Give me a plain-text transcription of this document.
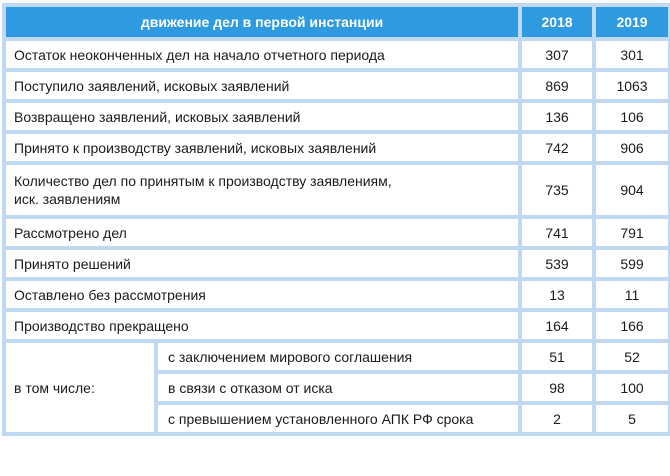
движение дел в первой инстанции		2018	2019
Остаток неоконченных дел на начало отчетного периода		307	301
Поступило заявлений, исковых заявлений		869	1063
Возвращено заявлений, исковых заявлений		136	106
Принято к производству заявлений, исковых заявлений		742	906
Количество дел по принятым к производству заявлениям,
иск. заявлениям		735	904
Рассмотрено дел		741	791
Принято решений		539	599
Оставлено без рассмотрения		13	11
Производство прекращено		164	166
в том числе:	с заключением мирового соглашения	51	52
	в связи с отказом от иска	98	100
	с превышением установленного АПК РФ срока	2	5
